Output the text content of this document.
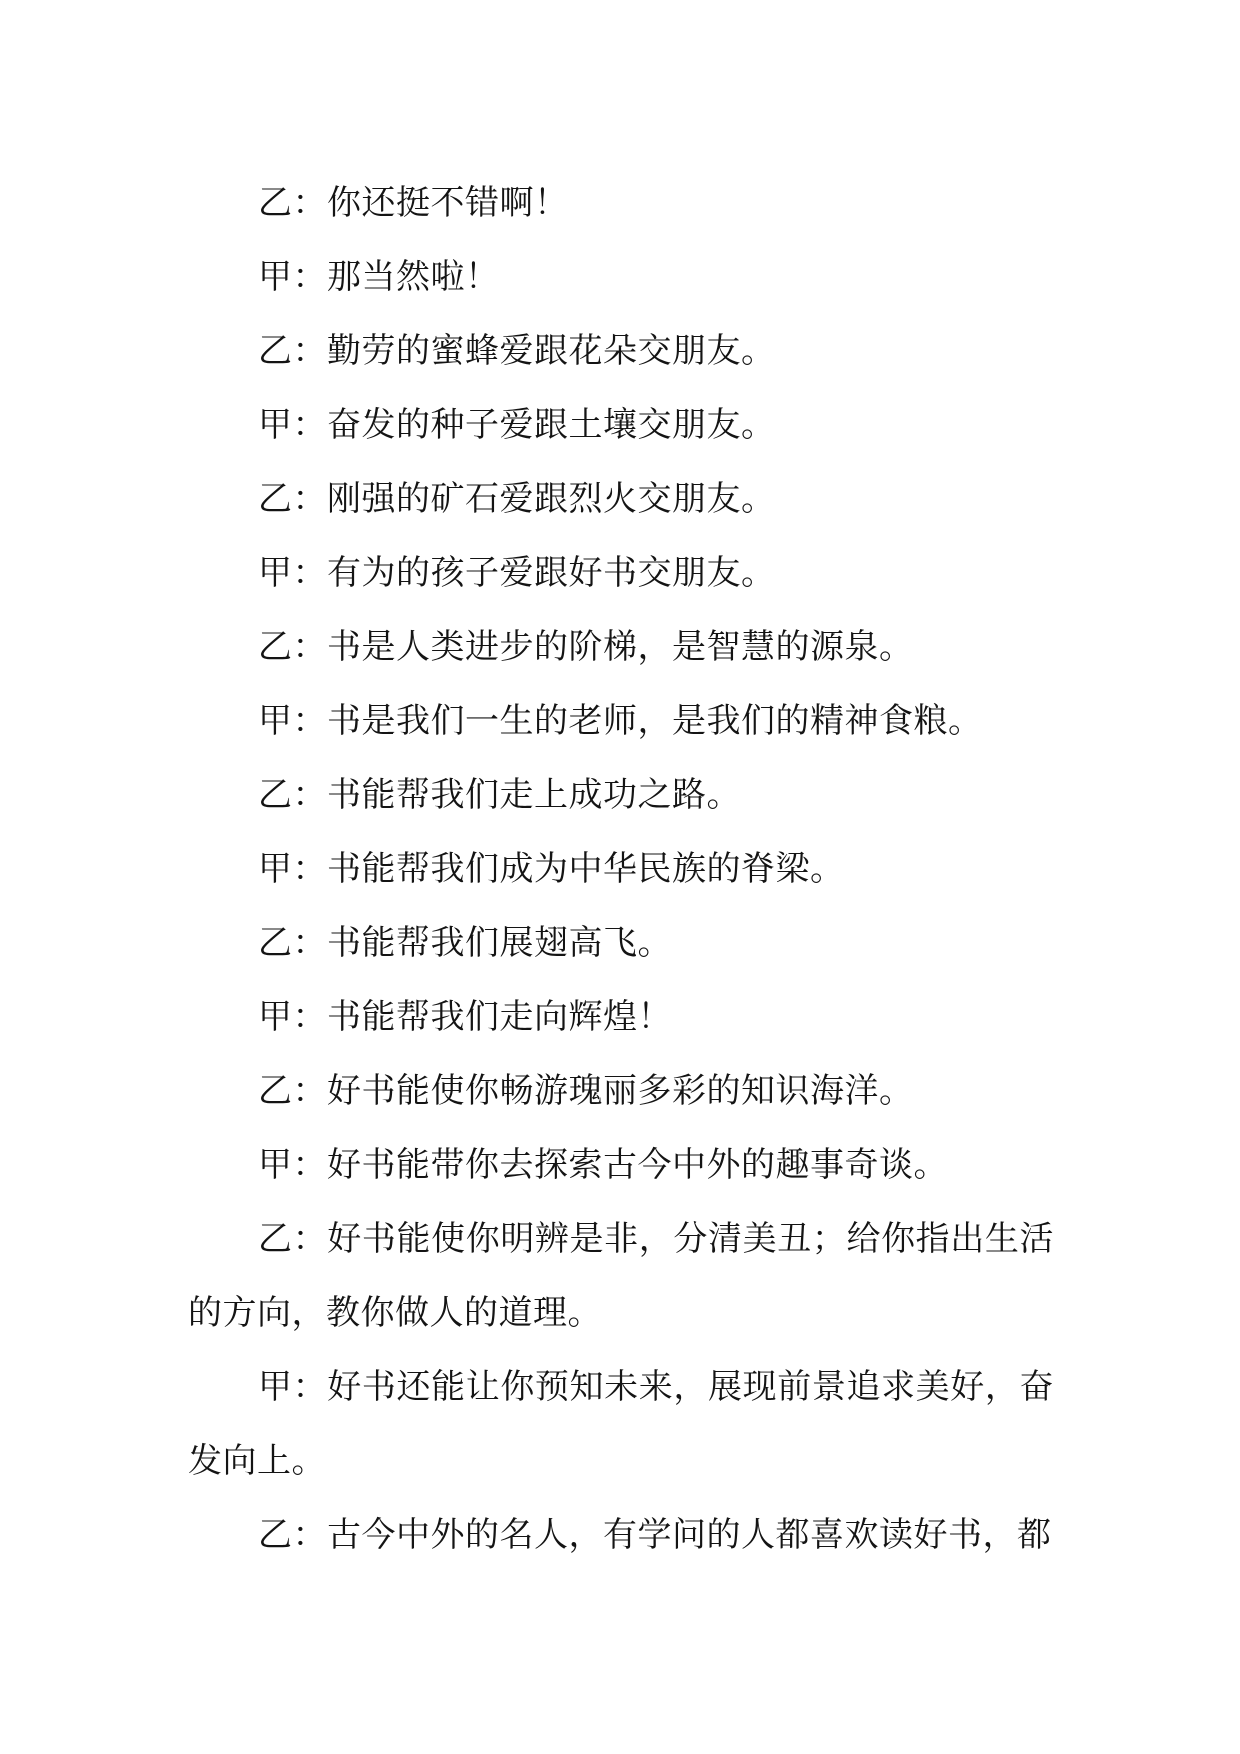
乙：你还挺不错啊！

甲：那当然啦！

乙：勤劳的蜜蜂爱跟花朵交朋友。

甲：奋发的种子爱跟土壤交朋友。

乙：刚强的矿石爱跟烈火交朋友。

甲：有为的孩子爱跟好书交朋友。

乙：书是人类进步的阶梯，是智慧的源泉。

甲：书是我们一生的老师，是我们的精神食粮。

乙：书能帮我们走上成功之路。

甲：书能帮我们成为中华民族的脊梁。

乙：书能帮我们展翅高飞。

甲：书能帮我们走向辉煌！

乙：好书能使你畅游瑰丽多彩的知识海洋。

甲：好书能带你去探索古今中外的趣事奇谈。

乙：好书能使你明辨是非，分清美丑；给你指出生活的方向，教你做人的道理。

甲：好书还能让你预知未来，展现前景追求美好，奋发向上。

乙：古今中外的名人，有学问的人都喜欢读好书，都
